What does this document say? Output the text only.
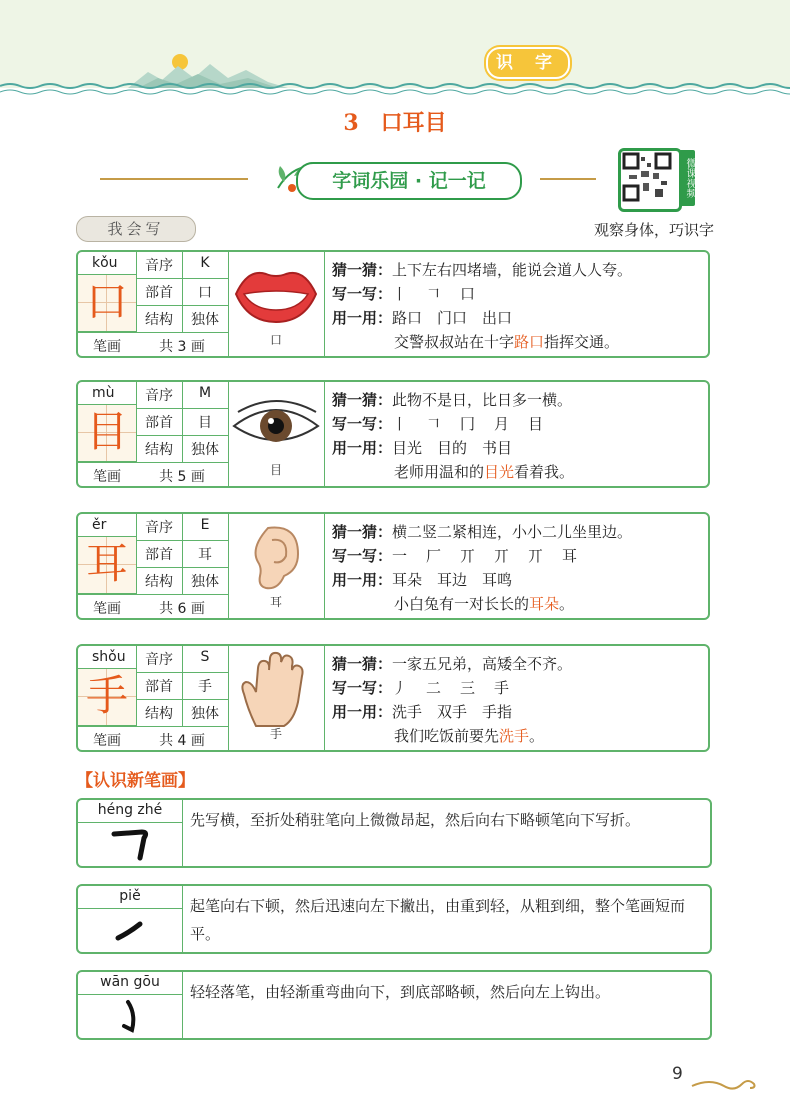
识 字
3　口耳目
字词乐园 · 记一记	微课视频
我会写	观察身体，巧识字
kǒu
口
音序	K
部首	口
结构	独体
笔画	共 3 画	口
猜一猜：上下左右四堵墙，能说会道人人夸。
写一写：丨　𠃍　口
用一用：路口　门口　出口
交警叔叔站在十字路口指挥交通。
mù
目
音序	M
部首	目
结构	独体
笔画	共 5 画	目
猜一猜：此物不是日，比日多一横。
写一写：丨　𠃍　冂　月　目
用一用：目光　目的　书目
老师用温和的目光看着我。
ěr
耳
音序	E
部首	耳
结构	独体
笔画	共 6 画	耳
猜一猜：横二竖二紧相连，小小二儿坐里边。
写一写：一　厂　丌　丌　丌　耳
用一用：耳朵　耳边　耳鸣
小白兔有一对长长的耳朵。
shǒu
手
音序	S
部首	手
结构	独体
笔画	共 4 画	手
猜一猜：一家五兄弟，高矮全不齐。
写一写：丿　二　三　手
用一用：洗手　双手　手指
我们吃饭前要先洗手。
【认识新笔画】
héng zhé
先写横，至折处稍驻笔向上微微昂起，然后向右下略顿笔向下写折。
piě
起笔向右下顿，然后迅速向左下撇出，由重到轻，从粗到细，整个笔画短而平。
wān gōu
轻轻落笔，由轻渐重弯曲向下，到底部略顿，然后向左上钩出。
9
